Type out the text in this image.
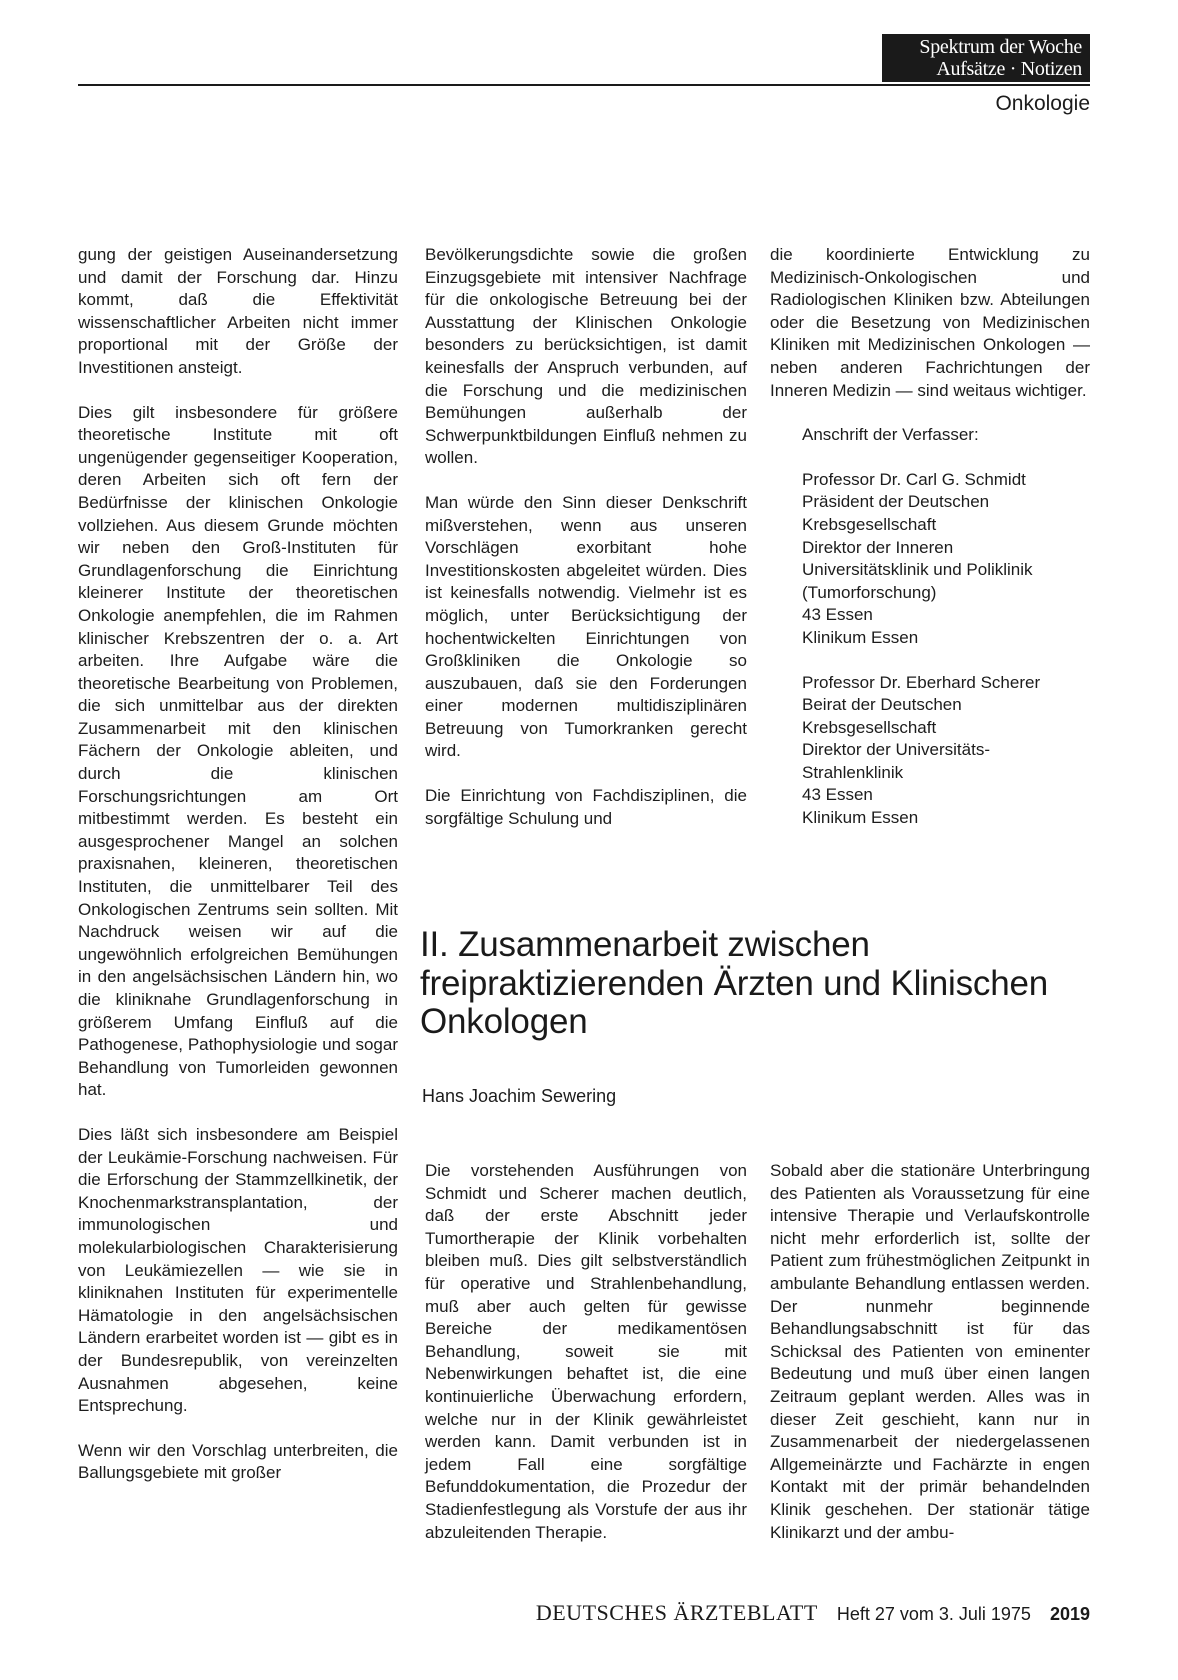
Spektrum der Woche
Aufsätze · Notizen
Onkologie

gung der geistigen Auseinandersetzung und damit der Forschung dar. Hinzu kommt, daß die Effektivität wissenschaftlicher Arbeiten nicht immer proportional mit der Größe der Investitionen ansteigt.

Dies gilt insbesondere für größere theoretische Institute mit oft ungenügender gegenseitiger Kooperation, deren Arbeiten sich oft fern der Bedürfnisse der klinischen Onkologie vollziehen. Aus diesem Grunde möchten wir neben den Groß-Instituten für Grundlagenforschung die Einrichtung kleinerer Institute der theoretischen Onkologie anempfehlen, die im Rahmen klinischer Krebszentren der o. a. Art arbeiten. Ihre Aufgabe wäre die theoretische Bearbeitung von Problemen, die sich unmittelbar aus der direkten Zusammenarbeit mit den klinischen Fächern der Onkologie ableiten, und durch die klinischen Forschungsrichtungen am Ort mitbestimmt werden. Es besteht ein ausgesprochener Mangel an solchen praxisnahen, kleineren, theoretischen Instituten, die unmittelbarer Teil des Onkologischen Zentrums sein sollten. Mit Nachdruck weisen wir auf die ungewöhnlich erfolgreichen Bemühungen in den angelsächsischen Ländern hin, wo die kliniknahe Grundlagenforschung in größerem Umfang Einfluß auf die Pathogenese, Pathophysiologie und sogar Behandlung von Tumorleiden gewonnen hat.

Dies läßt sich insbesondere am Beispiel der Leukämie-Forschung nachweisen. Für die Erforschung der Stammzellkinetik, der Knochenmarkstransplantation, der immunologischen und molekularbiologischen Charakterisierung von Leukämiezellen — wie sie in kliniknahen Instituten für experimentelle Hämatologie in den angelsächsischen Ländern erarbeitet worden ist — gibt es in der Bundesrepublik, von vereinzelten Ausnahmen abgesehen, keine Entsprechung.

Wenn wir den Vorschlag unterbreiten, die Ballungsgebiete mit großer

Bevölkerungsdichte sowie die großen Einzugsgebiete mit intensiver Nachfrage für die onkologische Betreuung bei der Ausstattung der Klinischen Onkologie besonders zu berücksichtigen, ist damit keinesfalls der Anspruch verbunden, auf die Forschung und die medizinischen Bemühungen außerhalb der Schwerpunktbildungen Einfluß nehmen zu wollen.

Man würde den Sinn dieser Denkschrift mißverstehen, wenn aus unseren Vorschlägen exorbitant hohe Investitionskosten abgeleitet würden. Dies ist keinesfalls notwendig. Vielmehr ist es möglich, unter Berücksichtigung der hochentwickelten Einrichtungen von Großkliniken die Onkologie so auszubauen, daß sie den Forderungen einer modernen multidisziplinären Betreuung von Tumorkranken gerecht wird.

Die Einrichtung von Fachdisziplinen, die sorgfältige Schulung und

die koordinierte Entwicklung zu Medizinisch-Onkologischen und Radiologischen Kliniken bzw. Abteilungen oder die Besetzung von Medizinischen Kliniken mit Medizinischen Onkologen — neben anderen Fachrichtungen der Inneren Medizin — sind weitaus wichtiger.

Anschrift der Verfasser:
Professor Dr. Carl G. Schmidt
Präsident der Deutschen
Krebsgesellschaft
Direktor der Inneren
Universitätsklinik und Poliklinik
(Tumorforschung)
43 Essen
Klinikum Essen
Professor Dr. Eberhard Scherer
Beirat der Deutschen
Krebsgesellschaft
Direktor der Universitäts-
Strahlenklinik
43 Essen
Klinikum Essen
II. Zusammenarbeit zwischen freipraktizierenden Ärzten und Klinischen Onkologen
Hans Joachim Sewering

Die vorstehenden Ausführungen von Schmidt und Scherer machen deutlich, daß der erste Abschnitt jeder Tumortherapie der Klinik vorbehalten bleiben muß. Dies gilt selbstverständlich für operative und Strahlenbehandlung, muß aber auch gelten für gewisse Bereiche der medikamentösen Behandlung, soweit sie mit Nebenwirkungen behaftet ist, die eine kontinuierliche Überwachung erfordern, welche nur in der Klinik gewährleistet werden kann. Damit verbunden ist in jedem Fall eine sorgfältige Befunddokumentation, die Prozedur der Stadienfestlegung als Vorstufe der aus ihr abzuleitenden Therapie.

Sobald aber die stationäre Unterbringung des Patienten als Voraussetzung für eine intensive Therapie und Verlaufskontrolle nicht mehr erforderlich ist, sollte der Patient zum frühestmöglichen Zeitpunkt in ambulante Behandlung entlassen werden. Der nunmehr beginnende Behandlungsabschnitt ist für das Schicksal des Patienten von eminenter Bedeutung und muß über einen langen Zeitraum geplant werden. Alles was in dieser Zeit geschieht, kann nur in Zusammenarbeit der niedergelassenen Allgemeinärzte und Fachärzte in engen Kontakt mit der primär behandelnden Klinik geschehen. Der stationär tätige Klinikarzt und der ambu-

DEUTSCHES ÄRZTEBLATT Heft 27 vom 3. Juli 1975 2019
